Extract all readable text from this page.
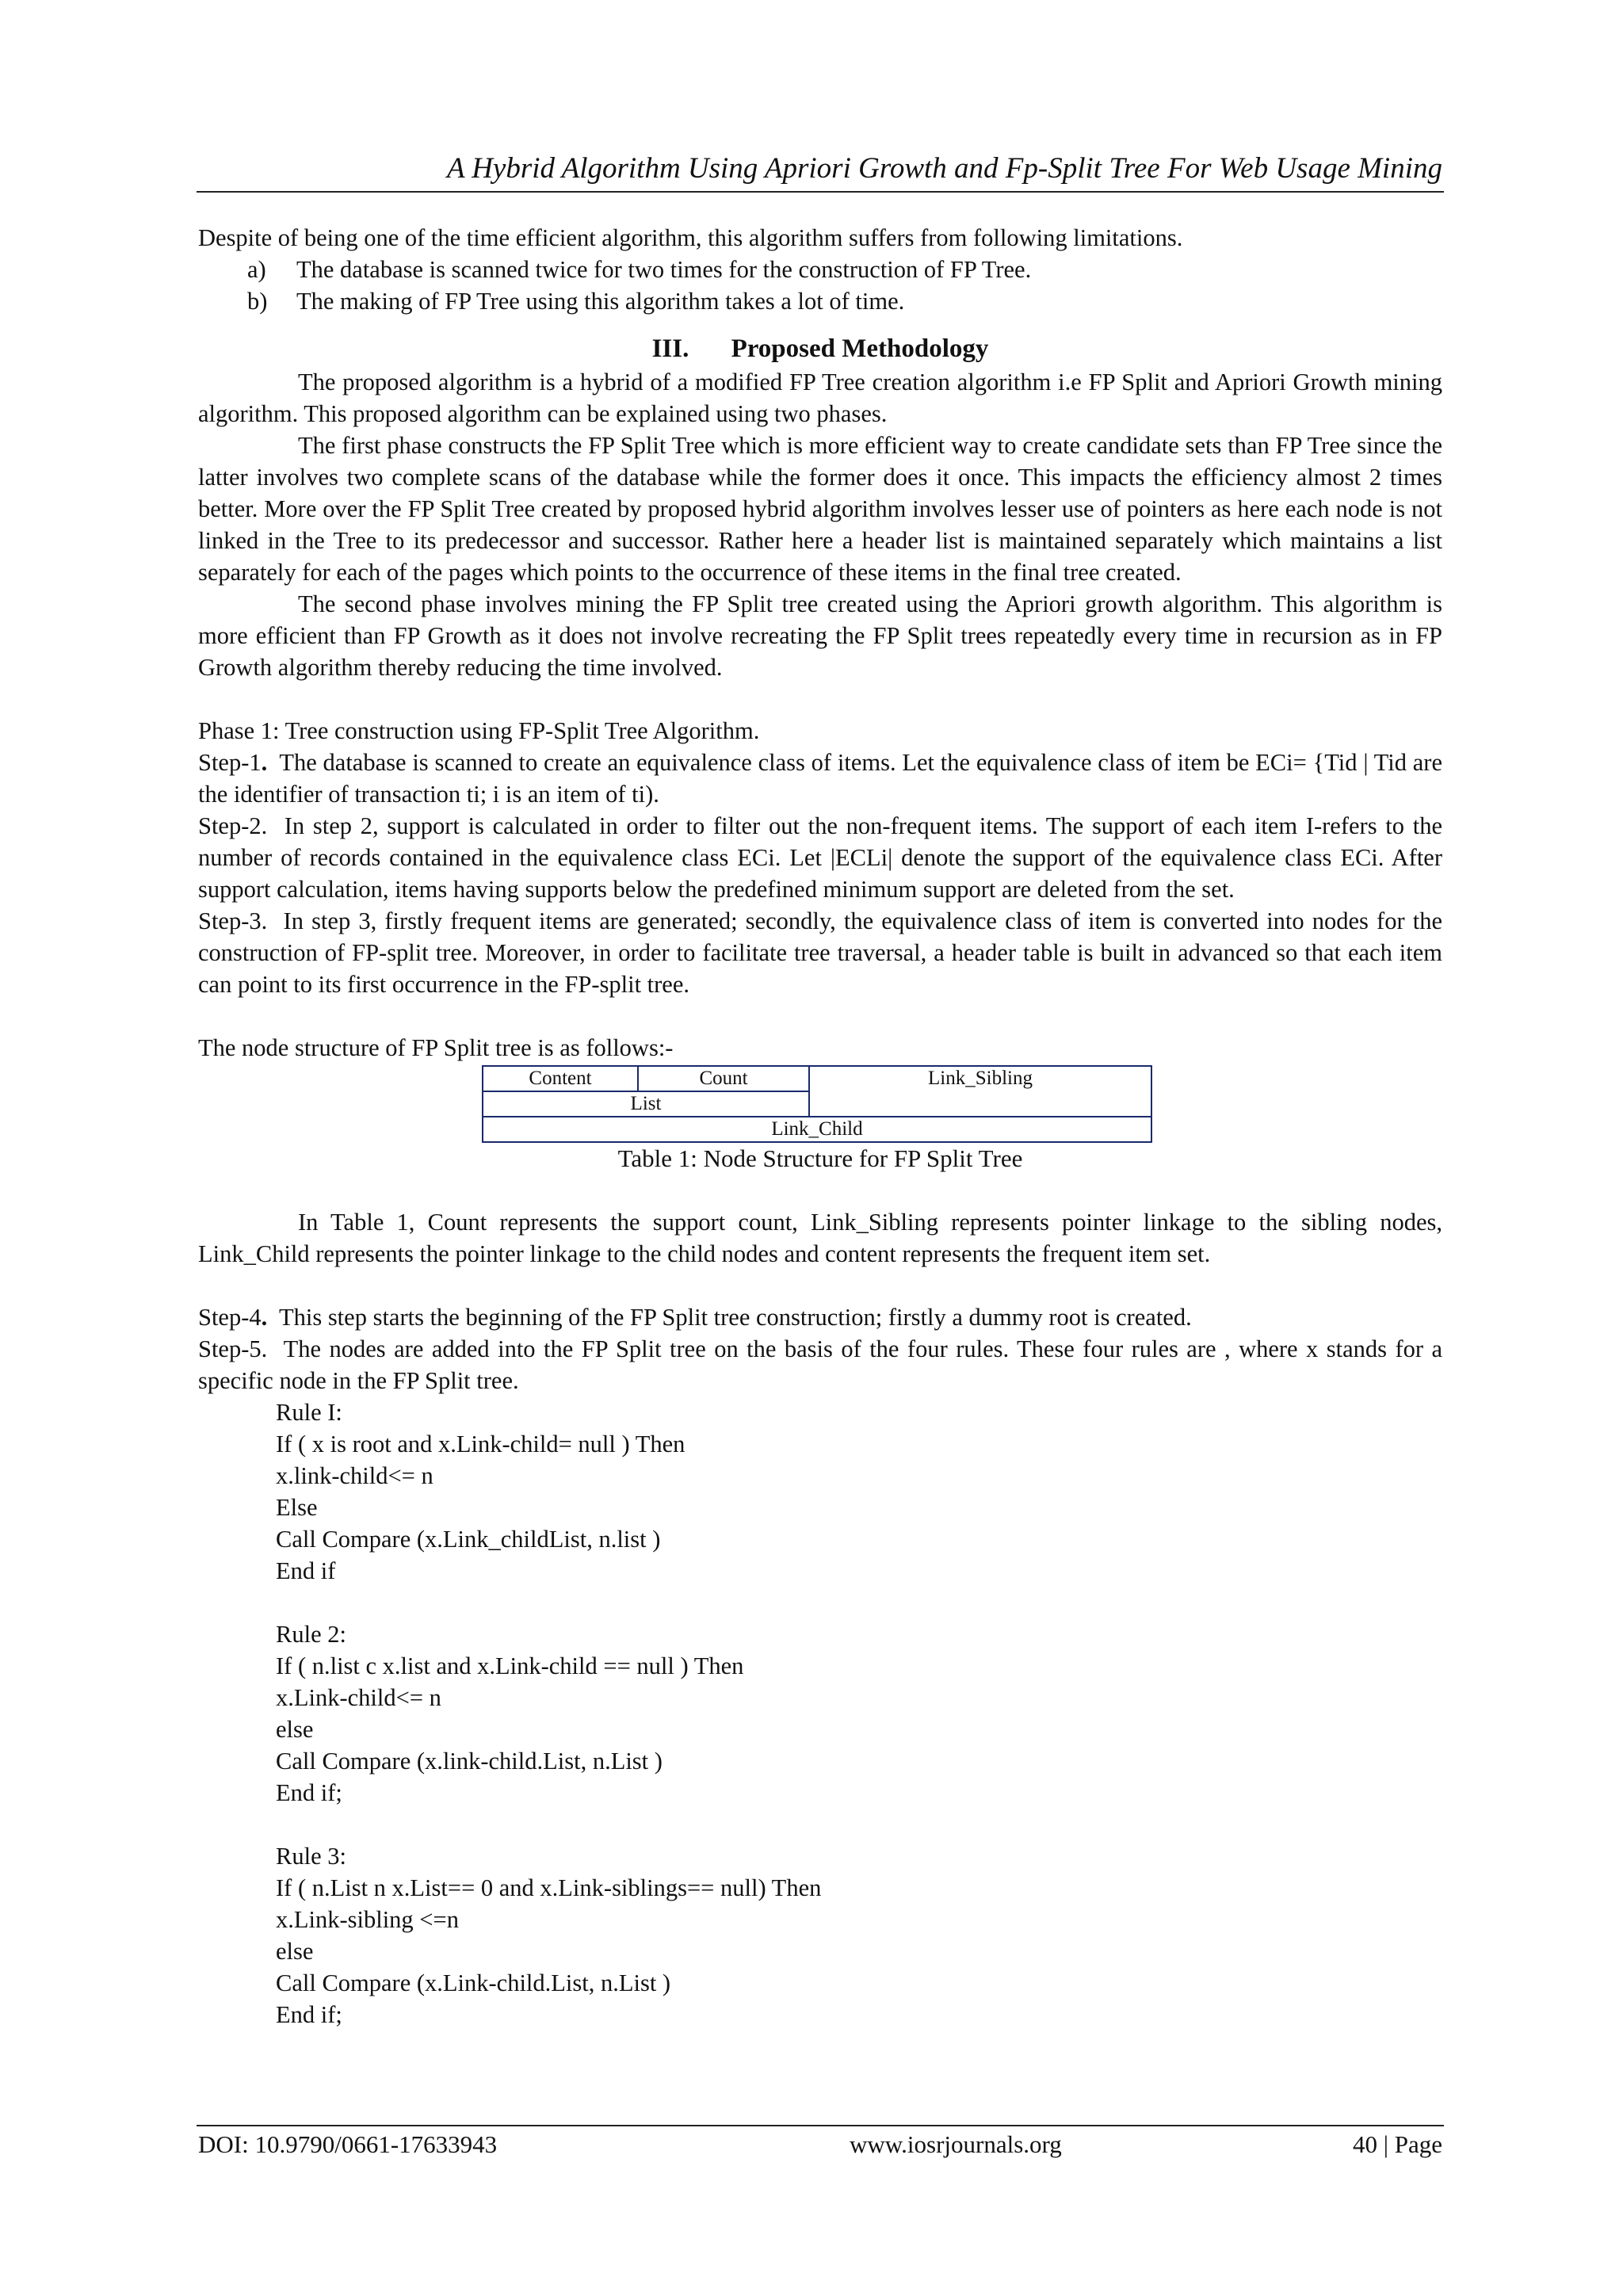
A Hybrid Algorithm Using Apriori Growth and Fp-Split Tree For Web Usage Mining

Despite of being one of the time efficient algorithm, this algorithm suffers from following limitations.

a)	The database is scanned twice for two times for the construction of FP Tree.
b)	The making of FP Tree using this algorithm takes a lot of time.
III. Proposed Methodology

The proposed algorithm is a hybrid of a modified FP Tree creation algorithm i.e FP Split and Apriori Growth mining algorithm. This proposed algorithm can be explained using two phases.

The first phase constructs the FP Split Tree which is more efficient way to create candidate sets than FP Tree since the latter involves two complete scans of the database while the former does it once. This impacts the efficiency almost 2 times better. More over the FP Split Tree created by proposed hybrid algorithm involves lesser use of pointers as here each node is not linked in the Tree to its predecessor and successor. Rather here a header list is maintained separately which maintains a list separately for each of the pages which points to the occurrence of these items in the final tree created.

The second phase involves mining the FP Split tree created using the Apriori growth algorithm. This algorithm is more efficient than FP Growth as it does not involve recreating the FP Split trees repeatedly every time in recursion as in FP Growth algorithm thereby reducing the time involved.

Phase 1: Tree construction using FP-Split Tree Algorithm.

Step-1. The database is scanned to create an equivalence class of items. Let the equivalence class of item be ECi= {Tid | Tid are the identifier of transaction ti; i is an item of ti).

Step-2. In step 2, support is calculated in order to filter out the non-frequent items. The support of each item I-refers to the number of records contained in the equivalence class ECi. Let |ECLi| denote the support of the equivalence class ECi. After support calculation, items having supports below the predefined minimum support are deleted from the set.

Step-3. In step 3, firstly frequent items are generated; secondly, the equivalence class of item is converted into nodes for the construction of FP-split tree. Moreover, in order to facilitate tree traversal, a header table is built in advanced so that each item can point to its first occurrence in the FP-split tree.

The node structure of FP Split tree is as follows:-

Content	Count	Link_Sibling
List
Link_Child
Table 1: Node Structure for FP Split Tree

In Table 1, Count represents the support count, Link_Sibling represents pointer linkage to the sibling nodes, Link_Child represents the pointer linkage to the child nodes and content represents the frequent item set.

Step-4. This step starts the beginning of the FP Split tree construction; firstly a dummy root is created.

Step-5. The nodes are added into the FP Split tree on the basis of the four rules. These four rules are , where x stands for a specific node in the FP Split tree.

Rule I:
If ( x is root and x.Link-child= null ) Then
x.link-child<= n
Else
Call Compare (x.Link_childList, n.list )
End if
Rule 2:
If ( n.list c x.list and x.Link-child == null ) Then
x.Link-child<= n
else
Call Compare (x.link-child.List, n.List )
End if;
Rule 3:
If ( n.List n x.List== 0 and x.Link-siblings== null) Then
x.Link-sibling <=n
else
Call Compare (x.Link-child.List, n.List )
End if;
DOI: 10.9790/0661-17633943	www.iosrjournals.org	40 | Page
